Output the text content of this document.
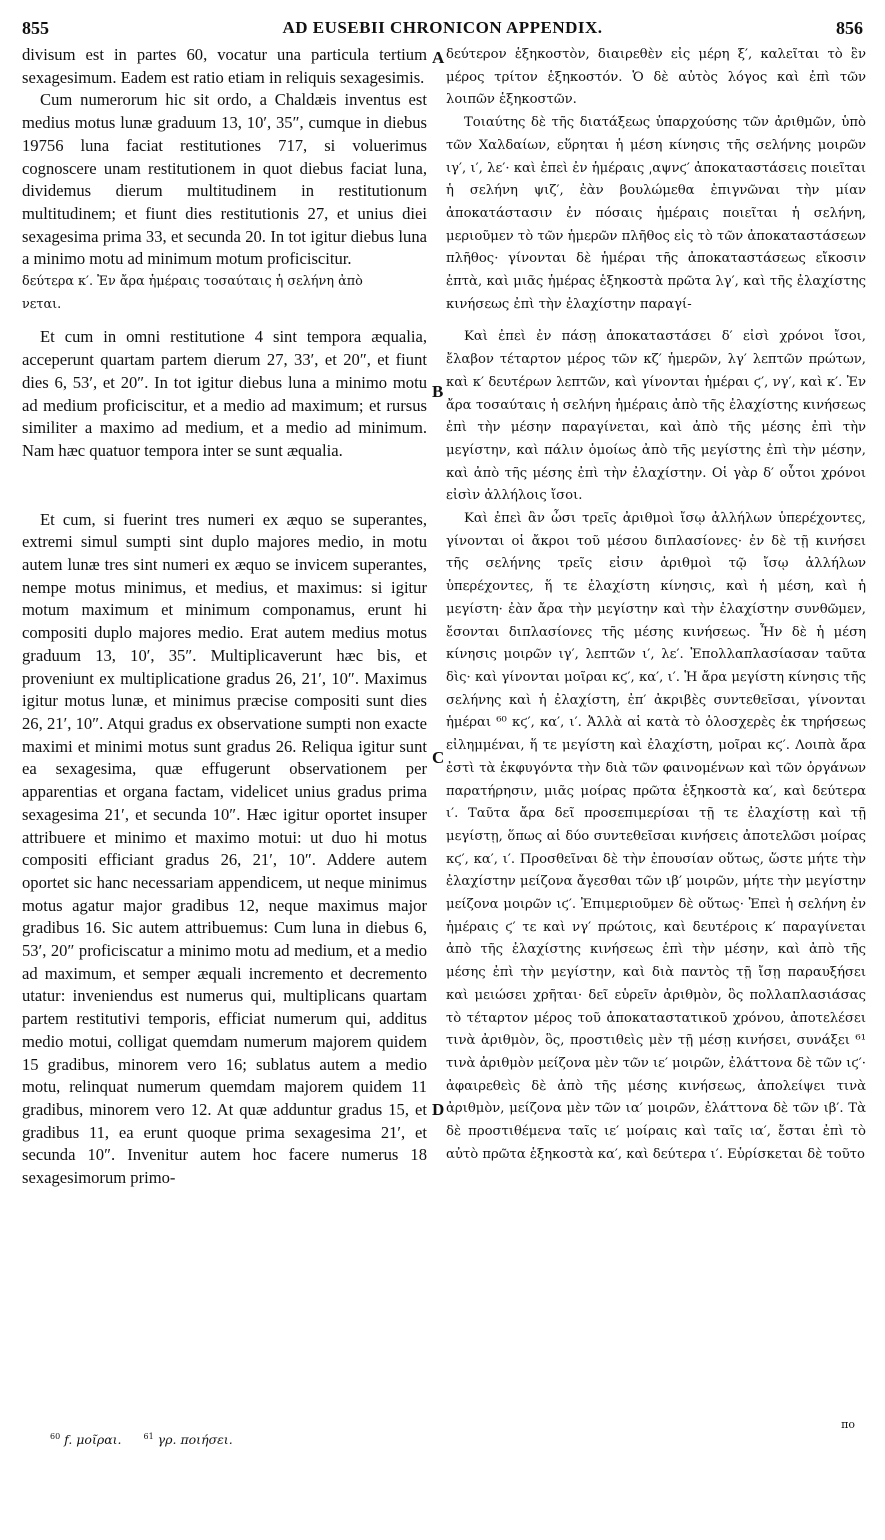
855	AD EUSEBII CHRONICON APPENDIX.	856

divisum est in partes 60, vocatur una particula tertium sexagesimum. Eadem est ratio etiam in reliquis sexagesimis.

Cum numerorum hic sit ordo, a Chaldæis inventus est medius motus lunæ graduum 13, 10′, 35″, cumque in diebus 19756 luna faciat restitutiones 717, si voluerimus cognoscere unam restitutionem in quot diebus faciat luna, dividemus dierum multitudinem in restitutionum multitudinem; et fiunt dies restitutionis 27, et unius diei sexagesima prima 33, et secunda 20. In tot igitur diebus luna a minimo motu ad minimum motum proficiscitur.

δεύτερα κ′. Ἐν ἄρα ἡμέραις τοσαύταις ἡ σελήνη ἀπὸ

νεται.

Et cum in omni restitutione 4 sint tempora æqualia, acceperunt quartam partem dierum 27, 33′, et 20″, et fiunt dies 6, 53′, et 20″. In tot igitur diebus luna a minimo motu ad medium proficiscitur, et a medio ad maximum; et rursus similiter a maximo ad medium, et a medio ad minimum. Nam hæc quatuor tempora inter se sunt æqualia.

Et cum, si fuerint tres numeri ex æquo se superantes, extremi simul sumpti sint duplo majores medio, in motu autem lunæ tres sint numeri ex æquo se invicem superantes, nempe motus minimus, et medius, et maximus: si igitur motum maximum et minimum componamus, erunt hi compositi duplo majores medio. Erat autem medius motus graduum 13, 10′, 35″. Multiplicaverunt hæc bis, et proveniunt ex multiplicatione gradus 26, 21′, 10″. Maximus igitur motus lunæ, et minimus præcise compositi sunt dies 26, 21′, 10″. Atqui gradus ex observatione sumpti non exacte maximi et minimi motus sunt gradus 26. Reliqua igitur sunt ea sexagesima, quæ effugerunt observationem per apparentias et organa factam, videlicet unius gradus prima sexagesima 21′, et secunda 10″. Hæc igitur oportet insuper attribuere et minimo et maximo motui: ut duo hi motus compositi efficiant gradus 26, 21′, 10″. Addere autem oportet sic hanc necessariam appendicem, ut neque minimus motus agatur major gradibus 12, neque maximus major gradibus 16. Sic autem attribuemus: Cum luna in diebus 6, 53′, 20″ proficiscatur a minimo motu ad medium, et a medio ad maximum, et semper æquali incremento et decremento utatur: inveniendus est numerus qui, multiplicans quartam partem restitutivi temporis, efficiat numerum qui, additus medio motui, colligat quemdam numerum majorem quidem 15 gradibus, minorem vero 16; sublatus autem a medio motu, relinquat numerum quemdam majorem quidem 11 gradibus, minorem vero 12. At quæ adduntur gradus 15, et gradibus 11, ea erunt quoque prima sexagesima 21′, et secunda 10″. Invenitur autem hoc facere numerus 18 sexagesimorum primo-

A
B
C
D

δεύτερον ἑξηκοστὸν, διαιρεθὲν εἰς μέρη ξ′, καλεῖται τὸ ἓν μέρος τρίτον ἑξηκοστόν. Ὁ δὲ αὐτὸς λόγος καὶ ἐπὶ τῶν λοιπῶν ἑξηκοστῶν.

Τοιαύτης δὲ τῆς διατάξεως ὑπαρχούσης τῶν ἀριθμῶν, ὑπὸ τῶν Χαλδαίων, εὕρηται ἡ μέση κίνησις τῆς σελήνης μοιρῶν ιγ′, ι′, λε′· καὶ ἐπεὶ ἐν ἡμέραις ͵αψνϛ′ ἀποκαταστάσεις ποιεῖται ἡ σελήνη ψιζ′, ἐὰν βουλώμεθα ἐπιγνῶναι τὴν μίαν ἀποκατάστασιν ἐν πόσαις ἡμέραις ποιεῖται ἡ σελήνη, μεριοῦμεν τὸ τῶν ἡμερῶν πλῆθος εἰς τὸ τῶν ἀποκαταστάσεων πλῆθος· γίνονται δὲ ἡμέραι τῆς ἀποκαταστάσεως εἴκοσιν ἑπτὰ, καὶ μιᾶς ἡμέρας ἑξηκοστὰ πρῶτα λγ′, καὶ τῆς ἐλαχίστης κινήσεως ἐπὶ τὴν ἐλαχίστην παραγί-

Καὶ ἐπεὶ ἐν πάσῃ ἀποκαταστάσει δ′ εἰσὶ χρόνοι ἴσοι, ἔλαβον τέταρτον μέρος τῶν κζ′ ἡμερῶν, λγ′ λεπτῶν πρώτων, καὶ κ′ δευτέρων λεπτῶν, καὶ γίνονται ἡμέραι ϛ′, νγ′, καὶ κ′. Ἐν ἄρα τοσαύταις ἡ σελήνη ἡμέραις ἀπὸ τῆς ἐλαχίστης κινήσεως ἐπὶ τὴν μέσην παραγίνεται, καὶ ἀπὸ τῆς μέσης ἐπὶ τὴν μεγίστην, καὶ πάλιν ὁμοίως ἀπὸ τῆς μεγίστης ἐπὶ τὴν μέσην, καὶ ἀπὸ τῆς μέσης ἐπὶ τὴν ἐλαχίστην. Οἱ γὰρ δ′ οὗτοι χρόνοι εἰσὶν ἀλλήλοις ἴσοι.

Καὶ ἐπεὶ ἂν ὦσι τρεῖς ἀριθμοὶ ἴσῳ ἀλλήλων ὑπερέχοντες, γίνονται οἱ ἄκροι τοῦ μέσου διπλασίονες· ἐν δὲ τῇ κινήσει τῆς σελήνης τρεῖς εἰσιν ἀριθμοὶ τῷ ἴσῳ ἀλλήλων ὑπερέχοντες, ἥ τε ἐλαχίστη κίνησις, καὶ ἡ μέση, καὶ ἡ μεγίστη· ἐὰν ἄρα τὴν μεγίστην καὶ τὴν ἐλαχίστην συνθῶμεν, ἔσονται διπλασίονες τῆς μέσης κινήσεως. Ἦν δὲ ἡ μέση κίνησις μοιρῶν ιγ′, λεπτῶν ι′, λε′. Ἐπολλαπλασίασαν ταῦτα δὶς· καὶ γίνονται μοῖραι κϛ′, κα′, ι′. Ἡ ἄρα μεγίστη κίνησις τῆς σελήνης καὶ ἡ ἐλαχίστη, ἐπ′ ἀκριβὲς συντεθεῖσαι, γίνονται ἡμέραι ⁶⁰ κϛ′, κα′, ι′. Ἀλλὰ αἱ κατὰ τὸ ὁλοσχερὲς ἐκ τηρήσεως εἰλημμέναι, ἥ τε μεγίστη καὶ ἐλαχίστη, μοῖραι κϛ′. Λοιπὰ ἄρα ἐστὶ τὰ ἐκφυγόντα τὴν διὰ τῶν φαινομένων καὶ τῶν ὀργάνων παρατήρησιν, μιᾶς μοίρας πρῶτα ἑξηκοστὰ κα′, καὶ δεύτερα ι′. Ταῦτα ἄρα δεῖ προσεπιμερίσαι τῇ τε ἐλαχίστῃ καὶ τῇ μεγίστῃ, ὅπως αἱ δύο συντεθεῖσαι κινήσεις ἀποτελῶσι μοίρας κϛ′, κα′, ι′. Προσθεῖναι δὲ τὴν ἐπουσίαν οὕτως, ὥστε μήτε τὴν ἐλαχίστην μείζονα ἄγεσθαι τῶν ιβ′ μοιρῶν, μήτε τὴν μεγίστην μείζονα μοιρῶν ιϛ′. Ἐπιμεριοῦμεν δὲ οὕτως· Ἐπεὶ ἡ σελήνη ἐν ἡμέραις ϛ′ τε καὶ νγ′ πρώτοις, καὶ δευτέροις κ′ παραγίνεται ἀπὸ τῆς ἐλαχίστης κινήσεως ἐπὶ τὴν μέσην, καὶ ἀπὸ τῆς μέσης ἐπὶ τὴν μεγίστην, καὶ διὰ παντὸς τῇ ἴσῃ παραυξήσει καὶ μειώσει χρῆται· δεῖ εὑρεῖν ἀριθμὸν, ὃς πολλαπλασιάσας τὸ τέταρτον μέρος τοῦ ἀποκαταστατικοῦ χρόνου, ἀποτελέσει τινὰ ἀριθμὸν, ὃς, προστιθεὶς μὲν τῇ μέσῃ κινήσει, συνάξει ⁶¹ τινὰ ἀριθμὸν μείζονα μὲν τῶν ιε′ μοιρῶν, ἐλάττονα δὲ τῶν ιϛ′· ἀφαιρεθεὶς δὲ ἀπὸ τῆς μέσης κινήσεως, ἀπολείψει τινὰ ἀριθμὸν, μείζονα μὲν τῶν ια′ μοιρῶν, ἐλάττονα δὲ τῶν ιβ′. Τὰ δὲ προστιθέμενα ταῖς ιε′ μοίραις καὶ ταῖς ια′, ἔσται ἐπὶ τὸ αὐτὸ πρῶτα ἑξηκοστὰ κα′, καὶ δεύτερα ι′. Εὑρίσκεται δὲ τοῦτο

πο
$^{60}$ f. μοῖραι.	$^{61}$ γρ. ποιήσει.
